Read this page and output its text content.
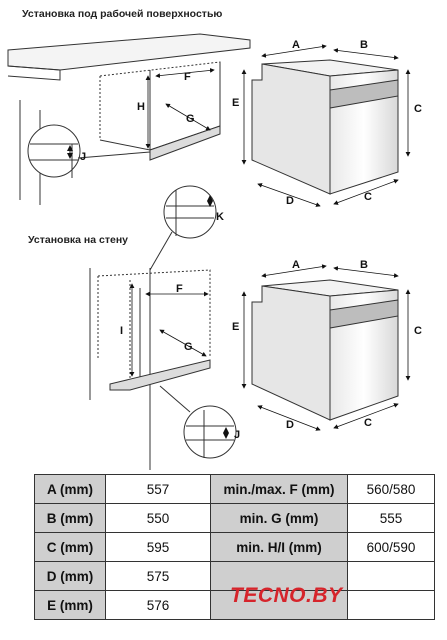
Установка под рабочей поверхностью
Установка на стену
F
H
G
J
A	B
C
E
D	C
F
I
G
K
J
A	B
C
E
D	C
A (mm)	557	min./max. F (mm)	560/580
B (mm)	550	min. G (mm)	555
C (mm)	595	min. H/I (mm)	600/590
D (mm)	575		
E (mm)	576			TECNO.BY
